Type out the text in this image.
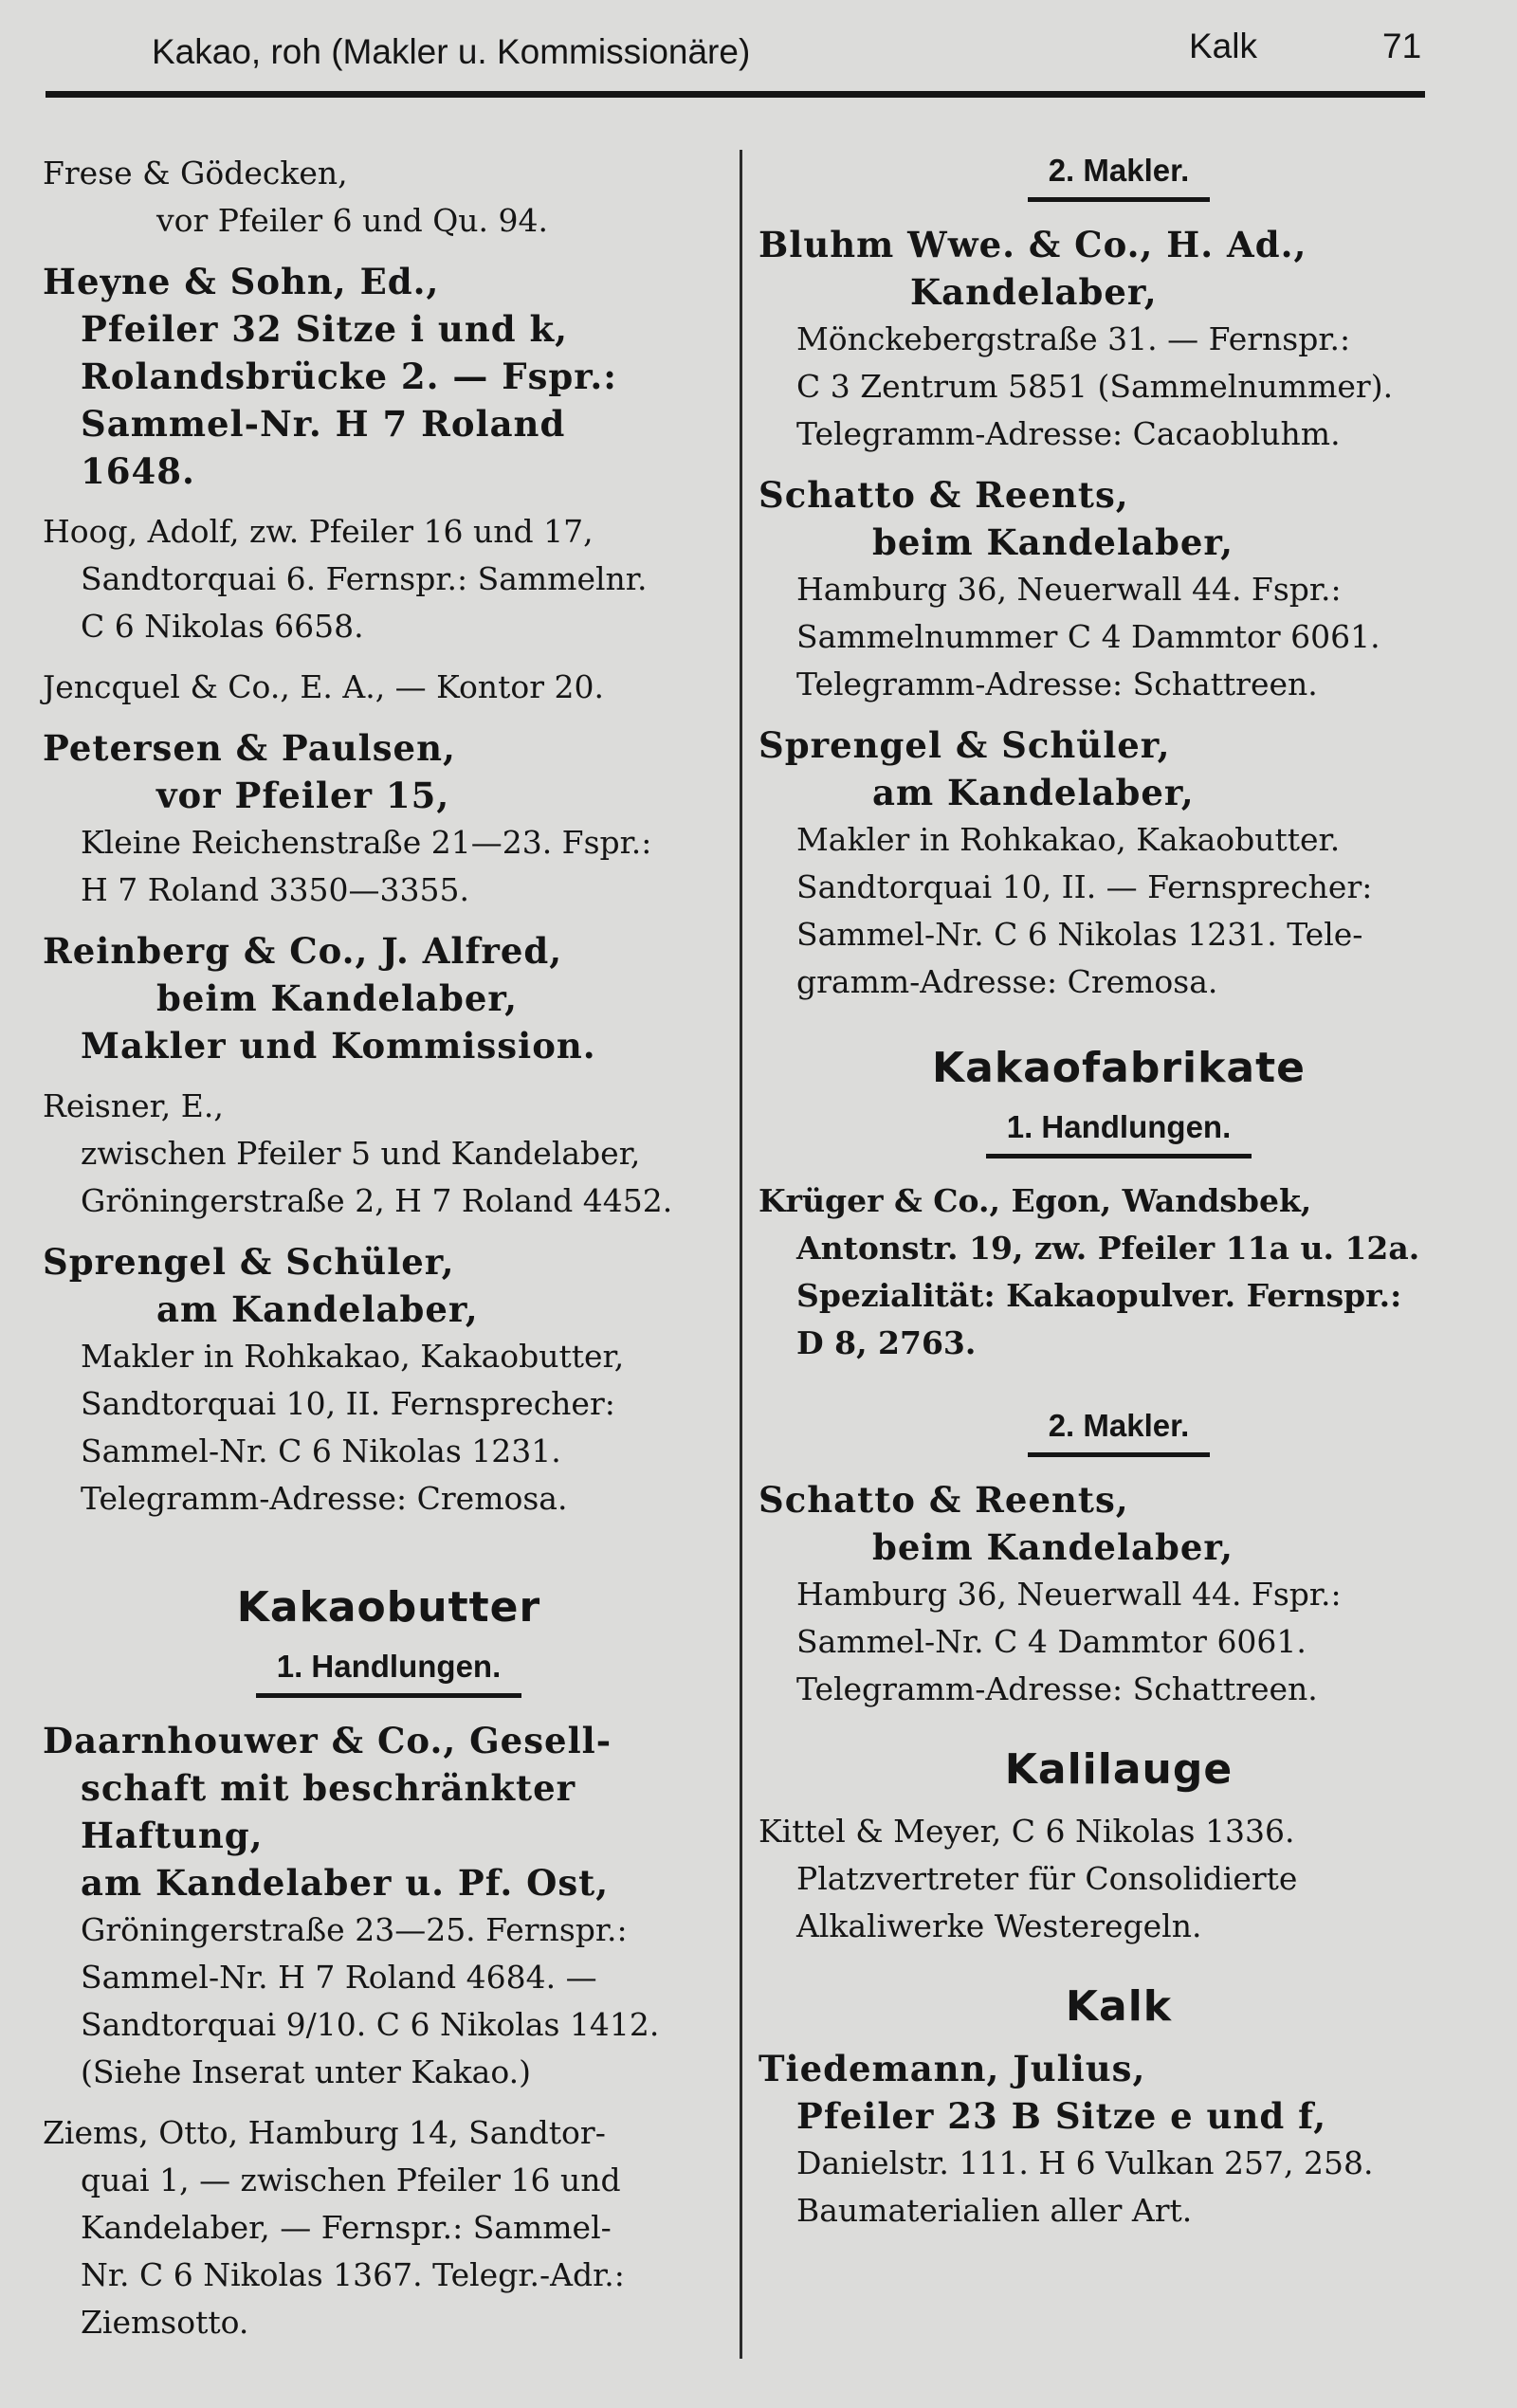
Kakao, roh (Makler u. Kommissionäre)	Kalk	71
Frese & Gödecken,
vor Pfeiler 6 und Qu. 94.
Heyne & Sohn, Ed.,
Pfeiler 32 Sitze i und k,
Rolandsbrücke 2. — Fspr.:
Sammel-Nr. H 7 Roland
1648.
Hoog, Adolf, zw. Pfeiler 16 und 17,
Sandtorquai 6. Fernspr.: Sammelnr.
C 6 Nikolas 6658.
Jencquel & Co., E. A., — Kontor 20.
Petersen & Paulsen,
vor Pfeiler 15,
Kleine Reichenstraße 21—23. Fspr.:
H 7 Roland 3350—3355.
Reinberg & Co., J. Alfred,
beim Kandelaber,
Makler und Kommission.
Reisner, E.,
zwischen Pfeiler 5 und Kandelaber,
Gröningerstraße 2, H 7 Roland 4452.
Sprengel & Schüler,
am Kandelaber,
Makler in Rohkakao, Kakaobutter,
Sandtorquai 10, II. Fernsprecher:
Sammel-Nr. C 6 Nikolas 1231.
Telegramm-Adresse: Cremosa.
Kakaobutter
1. Handlungen.
Daarnhouwer & Co., Gesell-
schaft mit beschränkter
Haftung,
am Kandelaber u. Pf. Ost,
Gröningerstraße 23—25. Fernspr.:
Sammel-Nr. H 7 Roland 4684. —
Sandtorquai 9/10. C 6 Nikolas 1412.
(Siehe Inserat unter Kakao.)
Ziems, Otto, Hamburg 14, Sandtor-
quai 1, — zwischen Pfeiler 16 und
Kandelaber, — Fernspr.: Sammel-
Nr. C 6 Nikolas 1367. Telegr.-Adr.:
Ziemsotto.
2. Makler.
Bluhm Wwe. & Co., H. Ad.,
Kandelaber,
Mönckebergstraße 31. — Fernspr.:
C 3 Zentrum 5851 (Sammelnummer).
Telegramm-Adresse: Cacaobluhm.
Schatto & Reents,
beim Kandelaber,
Hamburg 36, Neuerwall 44. Fspr.:
Sammelnummer C 4 Dammtor 6061.
Telegramm-Adresse: Schattreen.
Sprengel & Schüler,
am Kandelaber,
Makler in Rohkakao, Kakaobutter.
Sandtorquai 10, II. — Fernsprecher:
Sammel-Nr. C 6 Nikolas 1231. Tele-
gramm-Adresse: Cremosa.
Kakaofabrikate
1. Handlungen.
Krüger & Co., Egon, Wandsbek,
Antonstr. 19, zw. Pfeiler 11a u. 12a.
Spezialität: Kakaopulver. Fernspr.:
D 8, 2763.
2. Makler.
Schatto & Reents,
beim Kandelaber,
Hamburg 36, Neuerwall 44. Fspr.:
Sammel-Nr. C 4 Dammtor 6061.
Telegramm-Adresse: Schattreen.
Kalilauge
Kittel & Meyer, C 6 Nikolas 1336.
Platzvertreter für Consolidierte
Alkaliwerke Westeregeln.
Kalk
Tiedemann, Julius,
Pfeiler 23 B Sitze e und f,
Danielstr. 111. H 6 Vulkan 257, 258.
Baumaterialien aller Art.
